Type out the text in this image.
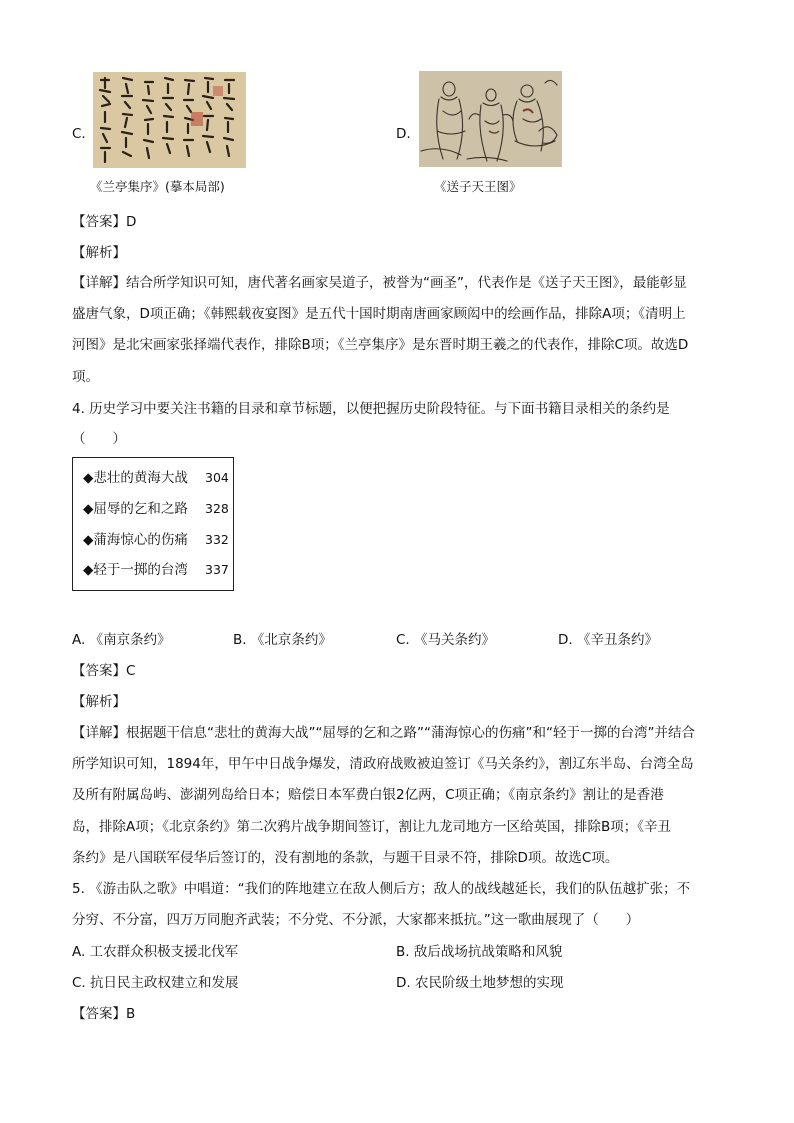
C.
《兰亭集序》(摹本局部)
D.
《送子天王图》
【答案】D
【解析】
【详解】结合所学知识可知，唐代著名画家吴道子，被誉为“画圣”，代表作是《送子天王图》，最能彰显
盛唐气象，D项正确；《韩熙载夜宴图》是五代十国时期南唐画家顾闳中的绘画作品，排除A项；《清明上
河图》是北宋画家张择端代表作，排除B项；《兰亭集序》是东晋时期王羲之的代表作，排除C项。故选D
项。
4. 历史学习中要关注书籍的目录和章节标题，以便把握历史阶段特征。与下面书籍目录相关的条约是
（　　）
◆悲壮的黄海大战 304
◆屈辱的乞和之路 328
◆蒲海惊心的伤痛 332
◆轻于一掷的台湾 337
A. 《南京条约》	B. 《北京条约》	C. 《马关条约》	D. 《辛丑条约》
【答案】C
【解析】
【详解】根据题干信息“悲壮的黄海大战”“屈辱的乞和之路”“蒲海惊心的伤痛”和“轻于一掷的台湾”并结合
所学知识可知，1894年，甲午中日战争爆发，清政府战败被迫签订《马关条约》，割辽东半岛、台湾全岛
及所有附属岛屿、澎湖列岛给日本；赔偿日本军费白银2亿两，C项正确；《南京条约》割让的是香港
岛，排除A项；《北京条约》第二次鸦片战争期间签订，割让九龙司地方一区给英国，排除B项；《辛丑
条约》是八国联军侵华后签订的，没有割地的条款，与题干目录不符，排除D项。故选C项。
5. 《游击队之歌》中唱道：“我们的阵地建立在敌人侧后方；敌人的战线越延长，我们的队伍越扩张；不
分穷、不分富，四万万同胞齐武装；不分党、不分派，大家都来抵抗。”这一歌曲展现了（　　）
A. 工农群众积极支援北伐军	B. 敌后战场抗战策略和风貌
C. 抗日民主政权建立和发展	D. 农民阶级土地梦想的实现
【答案】B
